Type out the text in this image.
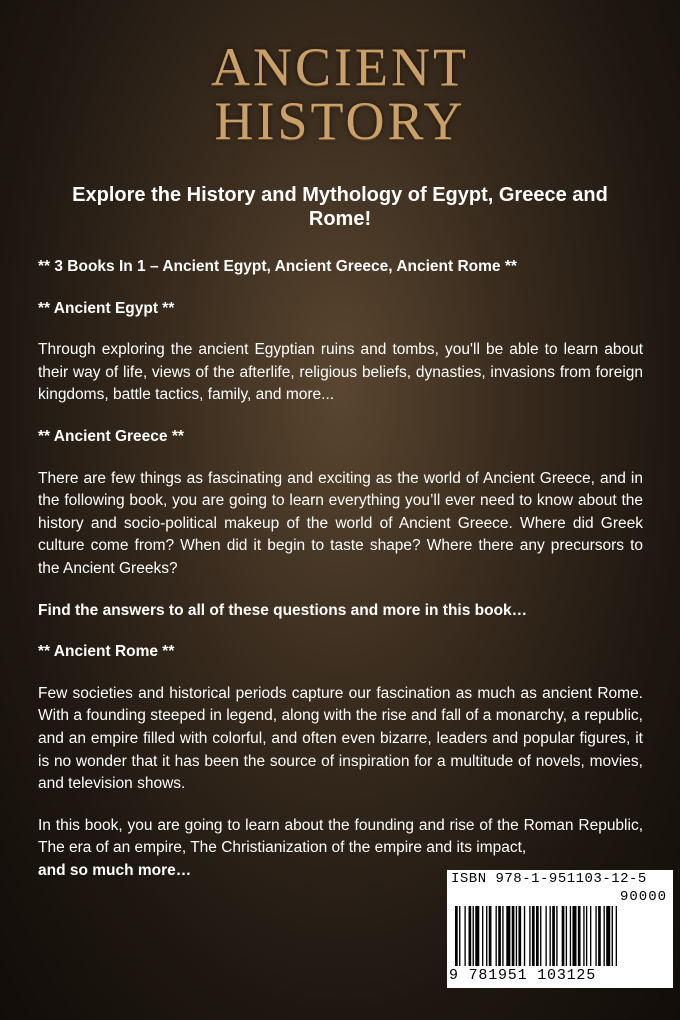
ANCIENT
HISTORY
Explore the History and Mythology of Egypt, Greece and Rome!

** 3 Books In 1 – Ancient Egypt, Ancient Greece, Ancient Rome **

** Ancient Egypt **

Through exploring the ancient Egyptian ruins and tombs, you'll be able to learn about their way of life, views of the afterlife, religious beliefs, dynasties, invasions from foreign kingdoms, battle tactics, family, and more...

** Ancient Greece **

There are few things as fascinating and exciting as the world of Ancient Greece, and in the following book, you are going to learn everything you’ll ever need to know about the history and socio-political makeup of the world of Ancient Greece. Where did Greek culture come from? When did it begin to taste shape? Where there any precursors to the Ancient Greeks?

Find the answers to all of these questions and more in this book…

** Ancient Rome **

Few societies and historical periods capture our fascination as much as ancient Rome. With a founding steeped in legend, along with the rise and fall of a monarchy, a republic, and an empire filled with colorful, and often even bizarre, leaders and popular figures, it is no wonder that it has been the source of inspiration for a multitude of novels, movies, and television shows.

In this book, you are going to learn about the founding and rise of the Roman Republic, The era of an empire, The Christianization of the empire and its impact,
and so much more…

ISBN 978-1-951103-12-5
90000
9 781951 103125
